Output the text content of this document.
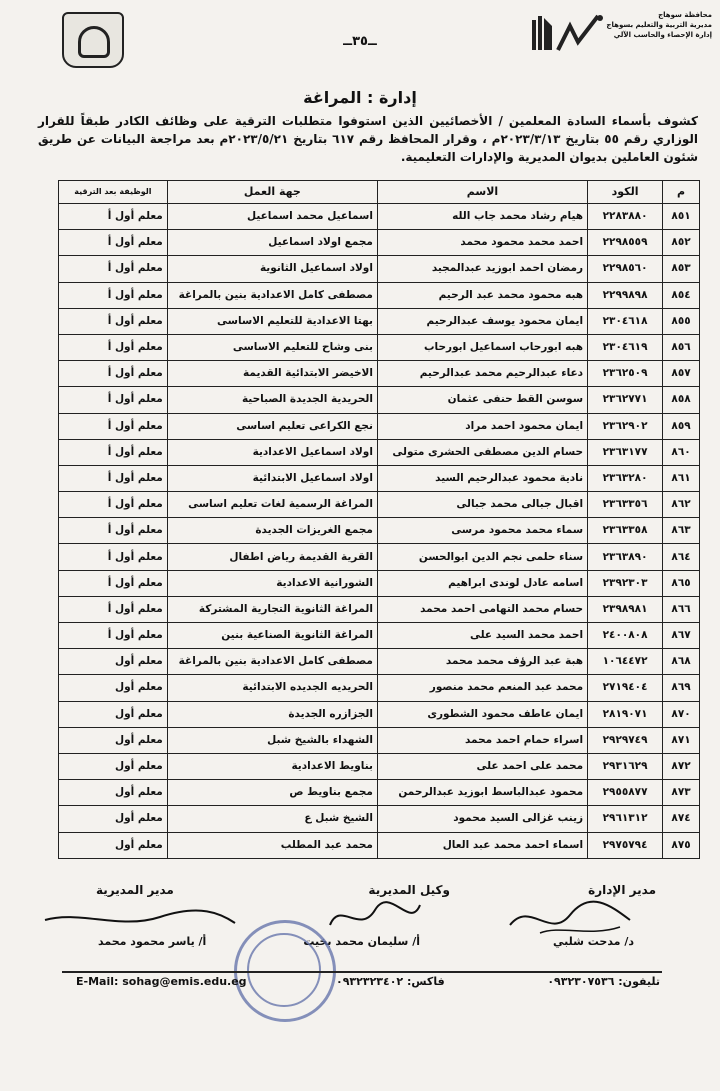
ــ٣٥ــ
محافظة سوهاج
مديرية التربية والتعليم بسوهاج
إدارة الإحصاء والحاسب الآلي
إدارة : المراغة
كشوف بأسماء السادة المعلمين / الأخصائيين الذين استوفوا متطلبات الترقية على وظائف الكادر طبقاً للقرار الوزاري رقم ٥٥ بتاريخ ٢٠٢٣/٣/١٣م ، وقرار المحافظ رقم ٦١٧ بتاريخ ٢٠٢٣/٥/٢١م بعد مراجعة البيانات عن طريق شئون العاملين بديوان المديرية والإدارات التعليمية.
م	الكود	الاسم	جهة العمل	الوظيفة بعد الترقية
٨٥١	٢٢٨٣٨٨٠	هيام رشاد محمد جاب الله	اسماعيل محمد اسماعيل	معلم أول أ
٨٥٢	٢٢٩٨٥٥٩	احمد محمد محمود محمد	مجمع اولاد اسماعيل	معلم أول أ
٨٥٣	٢٢٩٨٥٦٠	رمضان احمد ابوزيد عبدالمجيد	اولاد اسماعيل الثانوية	معلم أول أ
٨٥٤	٢٢٩٩٨٩٨	هبه محمود محمد عبد الرحيم	مصطفى كامل الاعدادية بنين بالمراغة	معلم أول أ
٨٥٥	٢٣٠٤٦١٨	ايمان محمود يوسف عبدالرحيم	بهتا الاعدادية للتعليم الاساسى	معلم أول أ
٨٥٦	٢٣٠٤٦١٩	هبه ابورحاب اسماعيل ابورحاب	بنى وشاح للتعليم الاساسى	معلم أول أ
٨٥٧	٢٣٦٢٥٠٩	دعاء عبدالرحيم محمد عبدالرحيم	الاخيضر الابتدائية القديمة	معلم أول أ
٨٥٨	٢٣٦٢٧٧١	سوسن القط حنفى عثمان	الحريدية الجديدة الصباحية	معلم أول أ
٨٥٩	٢٣٦٢٩٠٢	ايمان محمود احمد مراد	نجع الكراعى تعليم اساسى	معلم أول أ
٨٦٠	٢٣٦٣١٧٧	حسام الدين مصطفى الحشرى متولى	اولاد اسماعيل الاعدادية	معلم أول أ
٨٦١	٢٣٦٣٢٨٠	نادية محمود عبدالرحيم السيد	اولاد اسماعيل الابتدائية	معلم أول أ
٨٦٢	٢٣٦٣٣٥٦	اقبال جبالى محمد جبالى	المراغة الرسمية لغات تعليم اساسى	معلم أول أ
٨٦٣	٢٣٦٣٣٥٨	سماء محمد محمود مرسى	مجمع الغريزات الجديدة	معلم أول أ
٨٦٤	٢٣٦٣٨٩٠	سناء حلمى نجم الدين ابوالحسن	القرية القديمة رياض اطفال	معلم أول أ
٨٦٥	٢٣٩٢٣٠٣	اسامه عادل لوندى ابراهيم	الشورانية الاعدادية	معلم أول أ
٨٦٦	٢٣٩٨٩٨١	حسام محمد التهامى احمد محمد	المراغة الثانوية التجارية المشتركة	معلم أول أ
٨٦٧	٢٤٠٠٨٠٨	احمد محمد السيد على	المراغة الثانوية الصناعية بنين	معلم أول أ
٨٦٨	١٠٦٤٤٧٢	هبة عبد الرؤف محمد محمد	مصطفى كامل الاعدادية بنين بالمراغة	معلم أول
٨٦٩	٢٧١٩٤٠٤	محمد عبد المنعم محمد منصور	الحريديه الجديده الابتدائية	معلم أول
٨٧٠	٢٨١٩٠٧١	ايمان عاطف محمود الشطورى	الجزازره الجديدة	معلم أول
٨٧١	٢٩٢٩٧٤٩	اسراء حمام احمد محمد	الشهداء بالشيخ شبل	معلم أول
٨٧٢	٢٩٣١٦٢٩	محمد على احمد على	بناويط الاعدادية	معلم أول
٨٧٣	٢٩٥٥٨٧٧	محمود عبدالباسط ابوزيد عبدالرحمن	مجمع بناويط ص	معلم أول
٨٧٤	٢٩٦١٣١٢	زينب غزالى السيد محمود	الشيخ شبل ع	معلم أول
٨٧٥	٢٩٧٥٧٩٤	اسماء احمد محمد عبد العال	محمد عبد المطلب	معلم أول
مدير الإدارة
وكيل المديرية
مدير المديرية
د/ مدحت شلبي
أ/ سليمان محمد بخيت
أ/ ياسر محمود محمد
تليفون: ٠٩٣٢٣٠٧٥٣٦
فاكس: ٠٩٣٢٣٢٣٤٠٢
E-Mail: sohag@emis.edu.eg
